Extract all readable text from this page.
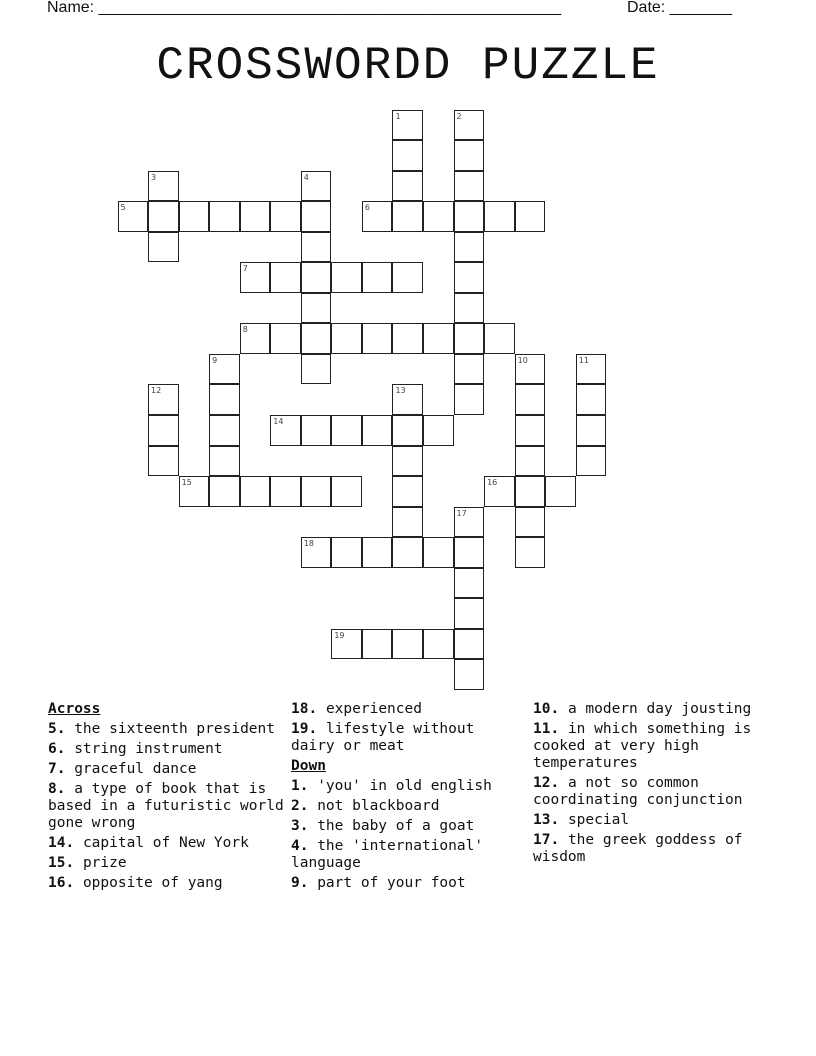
Name: ____________________________________________________	Date: _______
CROSSWORDD PUZZLE
5	6
7
8
14
15	16
18
19
1	2
3	4
9	10	11
12	13
17
Across
5. the sixteenth president
6. string instrument
7. graceful dance
8. a type of book that is based in a futuristic world gone wrong
14. capital of New York
15. prize
16. opposite of yang
18. experienced
19. lifestyle without dairy or meat
Down
1. 'you' in old english
2. not blackboard
3. the baby of a goat
4. the 'international' language
9. part of your foot
10. a modern day jousting
11. in which something is cooked at very high temperatures
12. a not so common coordinating conjunction
13. special
17. the greek goddess of wisdom
